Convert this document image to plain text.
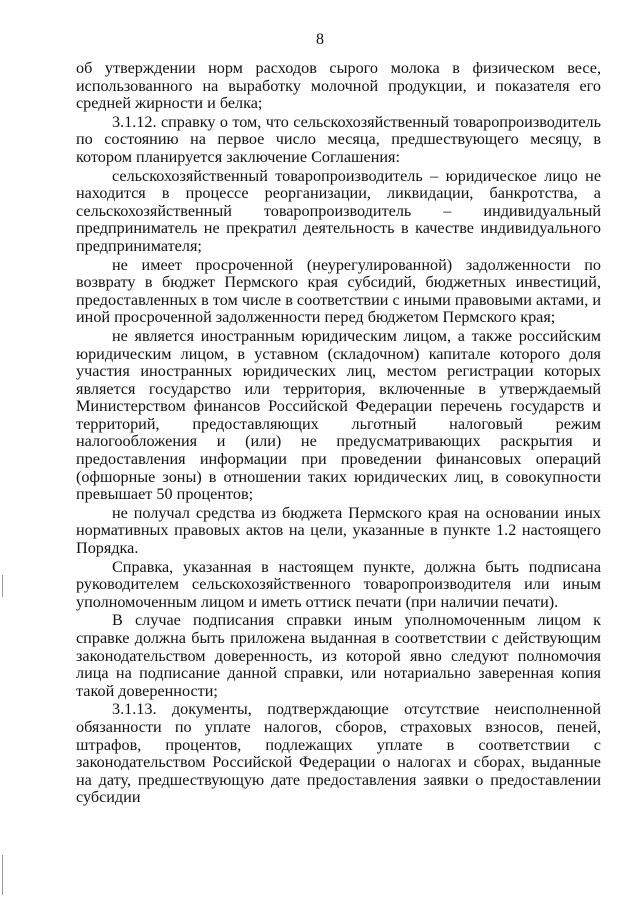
8

об утверждении норм расходов сырого молока в физическом весе, использованного на выработку молочной продукции, и показателя его средней жирности и белка;

3.1.12. справку о том, что сельскохозяйственный товаропроизводитель по состоянию на первое число месяца, предшествующего месяцу, в котором планируется заключение Соглашения:

сельскохозяйственный товаропроизводитель – юридическое лицо не находится в процессе реорганизации, ликвидации, банкротства, а сельскохозяйственный товаропроизводитель – индивидуальный предприниматель не прекратил деятельность в качестве индивидуального предпринимателя;

не имеет просроченной (неурегулированной) задолженности по возврату в бюджет Пермского края субсидий, бюджетных инвестиций, предоставленных в том числе в соответствии с иными правовыми актами, и иной просроченной задолженности перед бюджетом Пермского края;

не является иностранным юридическим лицом, а также российским юридическим лицом, в уставном (складочном) капитале которого доля участия иностранных юридических лиц, местом регистрации которых является государство или территория, включенные в утверждаемый Министерством финансов Российской Федерации перечень государств и территорий, предоставляющих льготный налоговый режим налогообложения и (или) не предусматривающих раскрытия и предоставления информации при проведении финансовых операций (офшорные зоны) в отношении таких юридических лиц, в совокупности превышает 50 процентов;

не получал средства из бюджета Пермского края на основании иных нормативных правовых актов на цели, указанные в пункте 1.2 настоящего Порядка.

Справка, указанная в настоящем пункте, должна быть подписана руководителем сельскохозяйственного товаропроизводителя или иным уполномоченным лицом и иметь оттиск печати (при наличии печати).

В случае подписания справки иным уполномоченным лицом к справке должна быть приложена выданная в соответствии с действующим законодательством доверенность, из которой явно следуют полномочия лица на подписание данной справки, или нотариально заверенная копия такой доверенности;

3.1.13. документы, подтверждающие отсутствие неисполненной обязанности по уплате налогов, сборов, страховых взносов, пеней, штрафов, процентов, подлежащих уплате в соответствии с законодательством Российской Федерации о налогах и сборах, выданные на дату, предшествующую дате предоставления заявки о предоставлении субсидии
